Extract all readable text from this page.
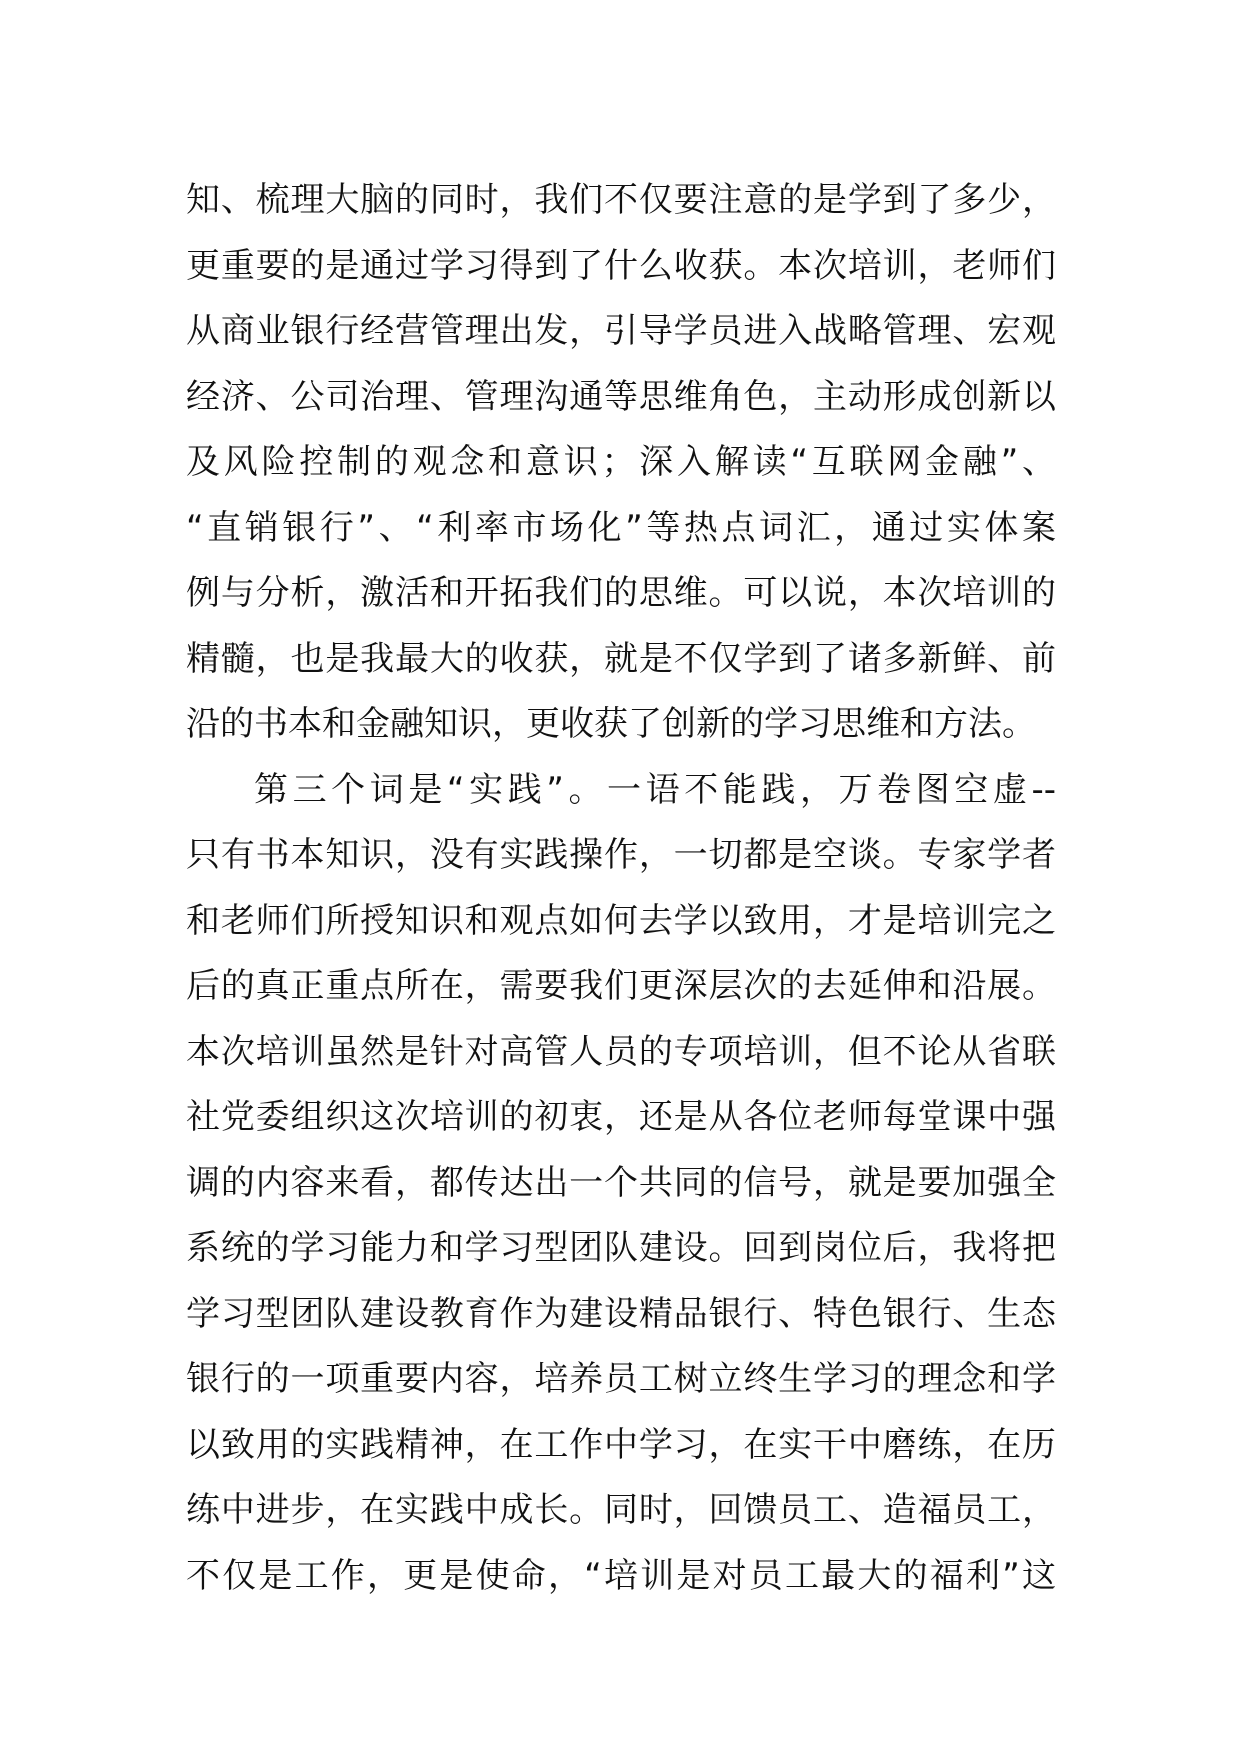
知、梳理大脑的同时，我们不仅要注意的是学到了多少，
更重要的是通过学习得到了什么收获。本次培训，老师们
从商业银行经营管理出发，引导学员进入战略管理、宏观
经济、公司治理、管理沟通等思维角色，主动形成创新以
及风险控制的观念和意识；深入解读“互联网金融”、
“直销银行”、“利率市场化”等热点词汇，通过实体案
例与分析，激活和开拓我们的思维。可以说，本次培训的
精髓，也是我最大的收获，就是不仅学到了诸多新鲜、前
沿的书本和金融知识，更收获了创新的学习思维和方法。
第三个词是“实践”。一语不能践，万卷图空虚--
只有书本知识，没有实践操作，一切都是空谈。专家学者
和老师们所授知识和观点如何去学以致用，才是培训完之
后的真正重点所在，需要我们更深层次的去延伸和沿展。
本次培训虽然是针对高管人员的专项培训，但不论从省联
社党委组织这次培训的初衷，还是从各位老师每堂课中强
调的内容来看，都传达出一个共同的信号，就是要加强全
系统的学习能力和学习型团队建设。回到岗位后，我将把
学习型团队建设教育作为建设精品银行、特色银行、生态
银行的一项重要内容，培养员工树立终生学习的理念和学
以致用的实践精神，在工作中学习，在实干中磨练，在历
练中进步，在实践中成长。同时，回馈员工、造福员工，
不仅是工作，更是使命，“培训是对员工最大的福利”这
